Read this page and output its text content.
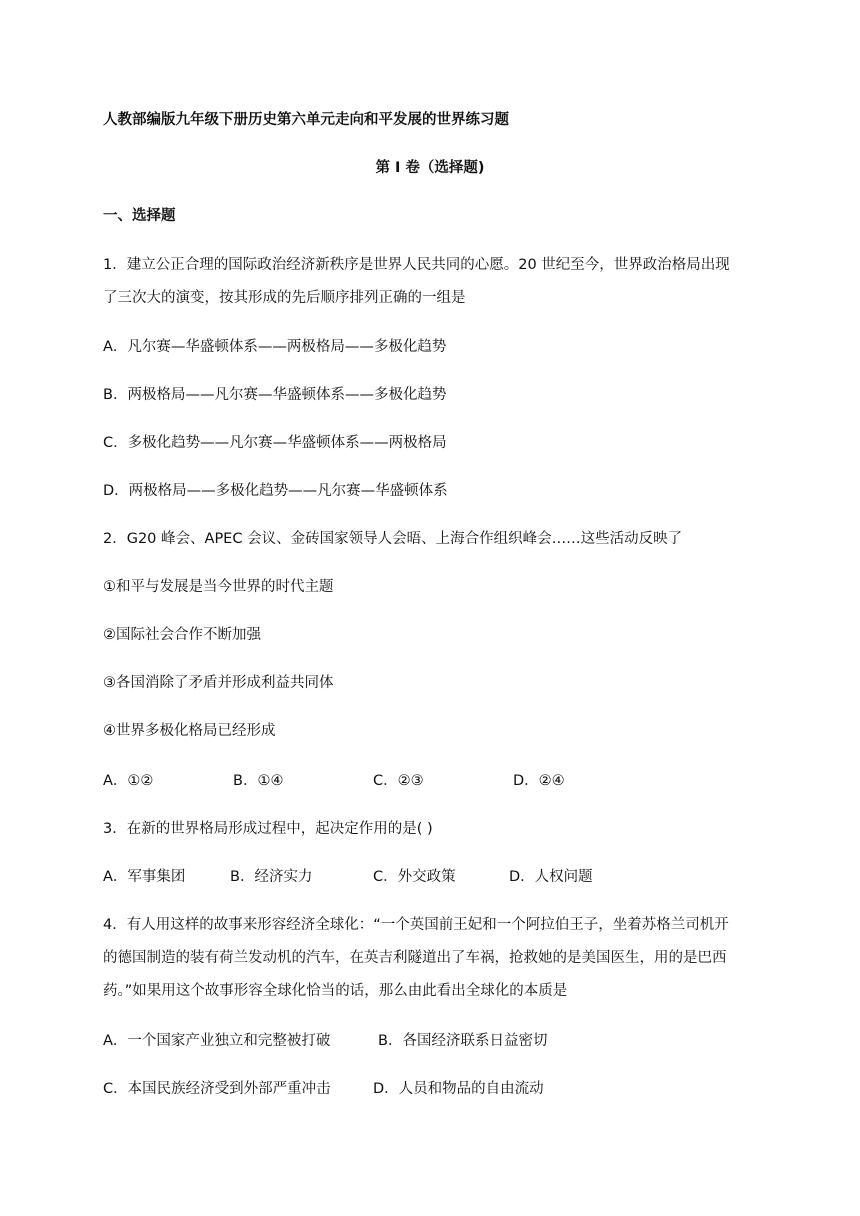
人教部编版九年级下册历史第六单元走向和平发展的世界练习题
第 I 卷（选择题)
一、选择题
1．建立公正合理的国际政治经济新秩序是世界人民共同的心愿。20 世纪至今，世界政治格局出现
了三次大的演变，按其形成的先后顺序排列正确的一组是
A．凡尔赛—华盛顿体系——两极格局——多极化趋势
B．两极格局——凡尔赛—华盛顿体系——多极化趋势
C．多极化趋势——凡尔赛—华盛顿体系——两极格局
D．两极格局——多极化趋势——凡尔赛—华盛顿体系
2．G20 峰会、APEC 会议、金砖国家领导人会晤、上海合作组织峰会……这些活动反映了
①和平与发展是当今世界的时代主题
②国际社会合作不断加强
③各国消除了矛盾并形成利益共同体
④世界多极化格局已经形成
A．①②	B．①④	C．②③	D．②④
3．在新的世界格局形成过程中，起决定作用的是( )
A．军事集团	B．经济实力	C．外交政策	D．人权问题
4．有人用这样的故事来形容经济全球化：“一个英国前王妃和一个阿拉伯王子，坐着苏格兰司机开
的德国制造的装有荷兰发动机的汽车，在英吉利隧道出了车祸，抢救她的是美国医生，用的是巴西
药。”如果用这个故事形容全球化恰当的话，那么由此看出全球化的本质是
A．一个国家产业独立和完整被打破	B．各国经济联系日益密切
C．本国民族经济受到外部严重冲击	D．人员和物品的自由流动
